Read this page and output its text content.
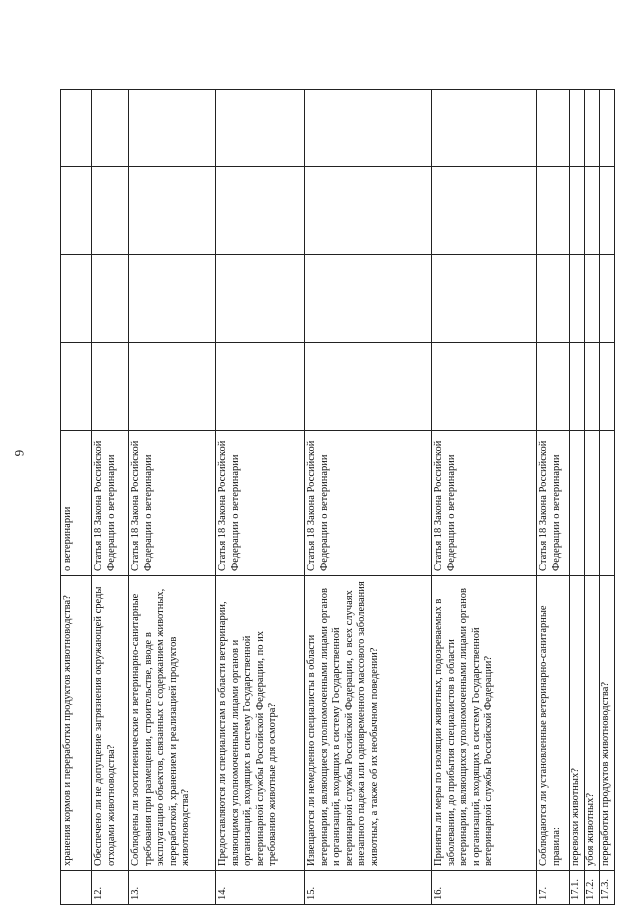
6
	хранения кормов и переработки продуктов животноводства?	о ветеринарии				
12.	Обеспечено ли не допущение загрязнения окружающей среды отходами животноводства?	Статья 18 Закона Российской Федерации о ветеринарии				
13.	Соблюдены ли зоогигиенические и ветеринарно-санитарные требования при размещении, строительстве, вводе в эксплуатацию объектов, связанных с содержанием животных, переработкой, хранением и реализацией продуктов животноводства?	Статья 18 Закона Российской Федерации о ветеринарии				
14.	Предоставляются ли специалистам в области ветеринарии, являющимся уполномоченными лицами органов и организаций, входящих в систему Государственной ветеринарной службы Российской Федерации, по их требованию животные для осмотра?	Статья 18 Закона Российской Федерации о ветеринарии				
15.	Извещаются ли немедленно специалисты в области ветеринарии, являющиеся уполномоченными лицами органов и организаций, входящих в систему Государственной ветеринарной службы Российской Федерации, о всех случаях внезапного падежа или одновременного массового заболевания животных, а также об их необычном поведении?	Статья 18 Закона Российской Федерации о ветеринарии				
16.	Приняты ли меры по изоляции животных, подозреваемых в заболевании, до прибытия специалистов в области ветеринарии, являющихся уполномоченными лицами органов и организаций, входящих в систему Государственной ветеринарной службы Российской Федерации?	Статья 18 Закона Российской Федерации о ветеринарии				
17.	Соблюдаются ли установленные ветеринарно-санитарные правила:	Статья 18 Закона Российской Федерации о ветеринарии				
17.1.	перевозки животных?					
17.2.	убоя животных?					
17.3.	переработки продуктов животноводства?					
